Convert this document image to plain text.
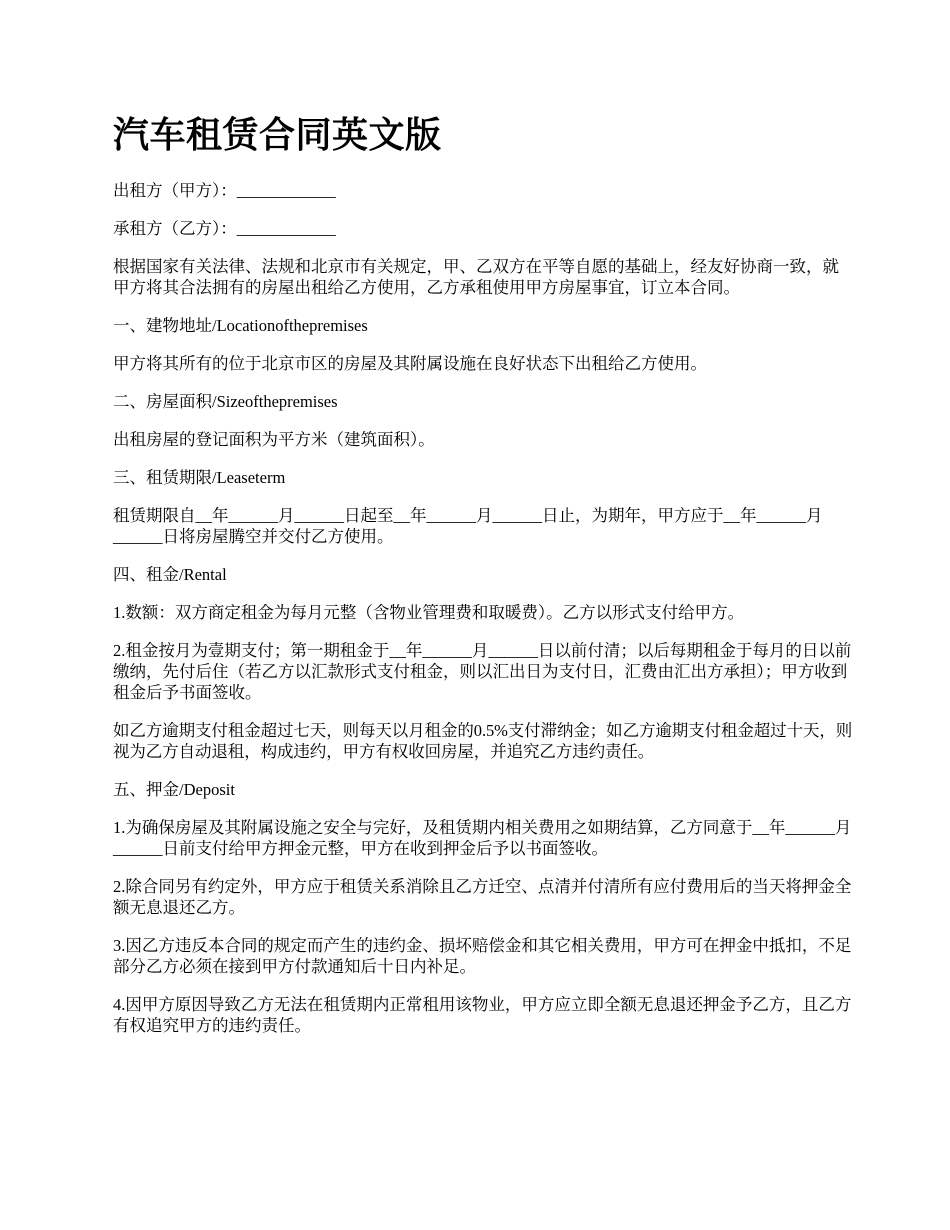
汽车租赁合同英文版

出租方（甲方）：____________

承租方（乙方）：____________

根据国家有关法律、法规和北京市有关规定，甲、乙双方在平等自愿的基础上，经友好协商一致，就甲方将其合法拥有的房屋出租给乙方使用，乙方承租使用甲方房屋事宜，订立本合同。

一、建物地址/Locationofthepremises

甲方将其所有的位于北京市区的房屋及其附属设施在良好状态下出租给乙方使用。

二、房屋面积/Sizeofthepremises

出租房屋的登记面积为平方米（建筑面积）。

三、租赁期限/Leaseterm

租赁期限自__年______月______日起至__年______月______日止，为期年，甲方应于__年______月______日将房屋腾空并交付乙方使用。

四、租金/Rental

1.数额：双方商定租金为每月元整（含物业管理费和取暖费）。乙方以形式支付给甲方。

2.租金按月为壹期支付；第一期租金于__年______月______日以前付清；以后每期租金于每月的日以前缴纳，先付后住（若乙方以汇款形式支付租金，则以汇出日为支付日，汇费由汇出方承担）；甲方收到租金后予书面签收。

如乙方逾期支付租金超过七天，则每天以月租金的0.5%支付滞纳金；如乙方逾期支付租金超过十天，则视为乙方自动退租，构成违约，甲方有权收回房屋，并追究乙方违约责任。

五、押金/Deposit

1.为确保房屋及其附属设施之安全与完好，及租赁期内相关费用之如期结算，乙方同意于__年______月______日前支付给甲方押金元整，甲方在收到押金后予以书面签收。

2.除合同另有约定外，甲方应于租赁关系消除且乙方迁空、点清并付清所有应付费用后的当天将押金全额无息退还乙方。

3.因乙方违反本合同的规定而产生的违约金、损坏赔偿金和其它相关费用，甲方可在押金中抵扣，不足部分乙方必须在接到甲方付款通知后十日内补足。

4.因甲方原因导致乙方无法在租赁期内正常租用该物业，甲方应立即全额无息退还押金予乙方，且乙方有权追究甲方的违约责任。
